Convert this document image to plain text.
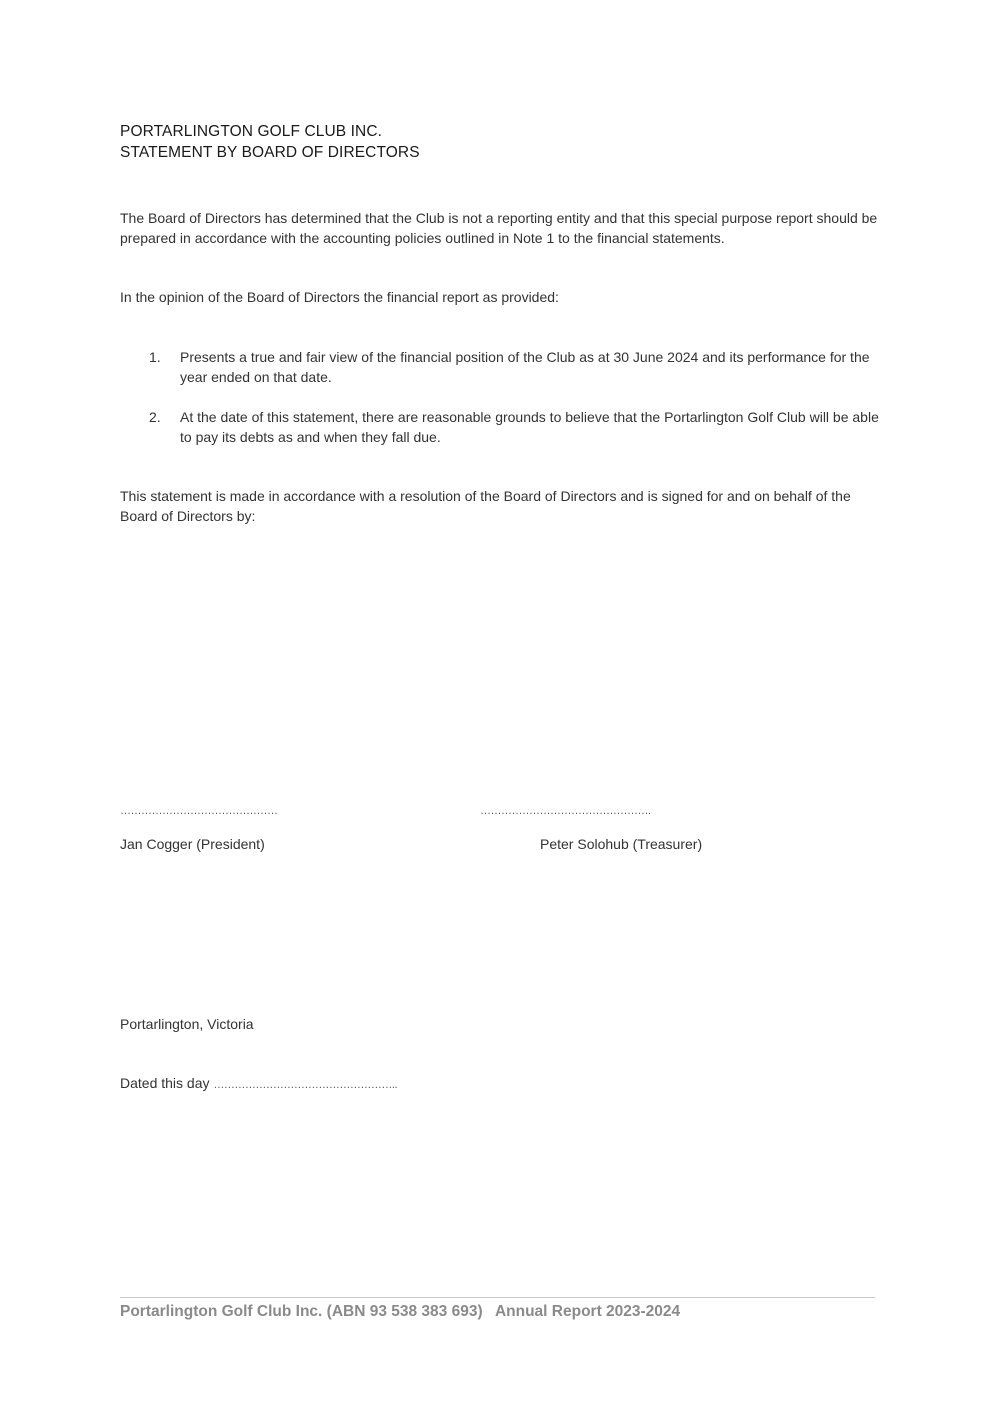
PORTARLINGTON GOLF CLUB INC.
STATEMENT BY BOARD OF DIRECTORS
The Board of Directors has determined that the Club is not a reporting entity and that this special purpose report should be prepared in accordance with the accounting policies outlined in Note 1 to the financial statements.
In the opinion of the Board of Directors the financial report as provided:
1. Presents a true and fair view of the financial position of the Club as at 30 June 2024 and its performance for the year ended on that date.
2. At the date of this statement, there are reasonable grounds to believe that the Portarlington Golf Club will be able to pay its debts as and when they fall due.
This statement is made in accordance with a resolution of the Board of Directors and is signed for and on behalf of the Board of Directors by:
………………………………………	………………………………………….
Jan Cogger (President)	Peter Solohub (Treasurer)
Portarlington, Victoria
Dated this day ……………………………………………..
Portarlington Golf Club Inc. (ABN 93 538 383 693)   Annual Report 2023-2024
